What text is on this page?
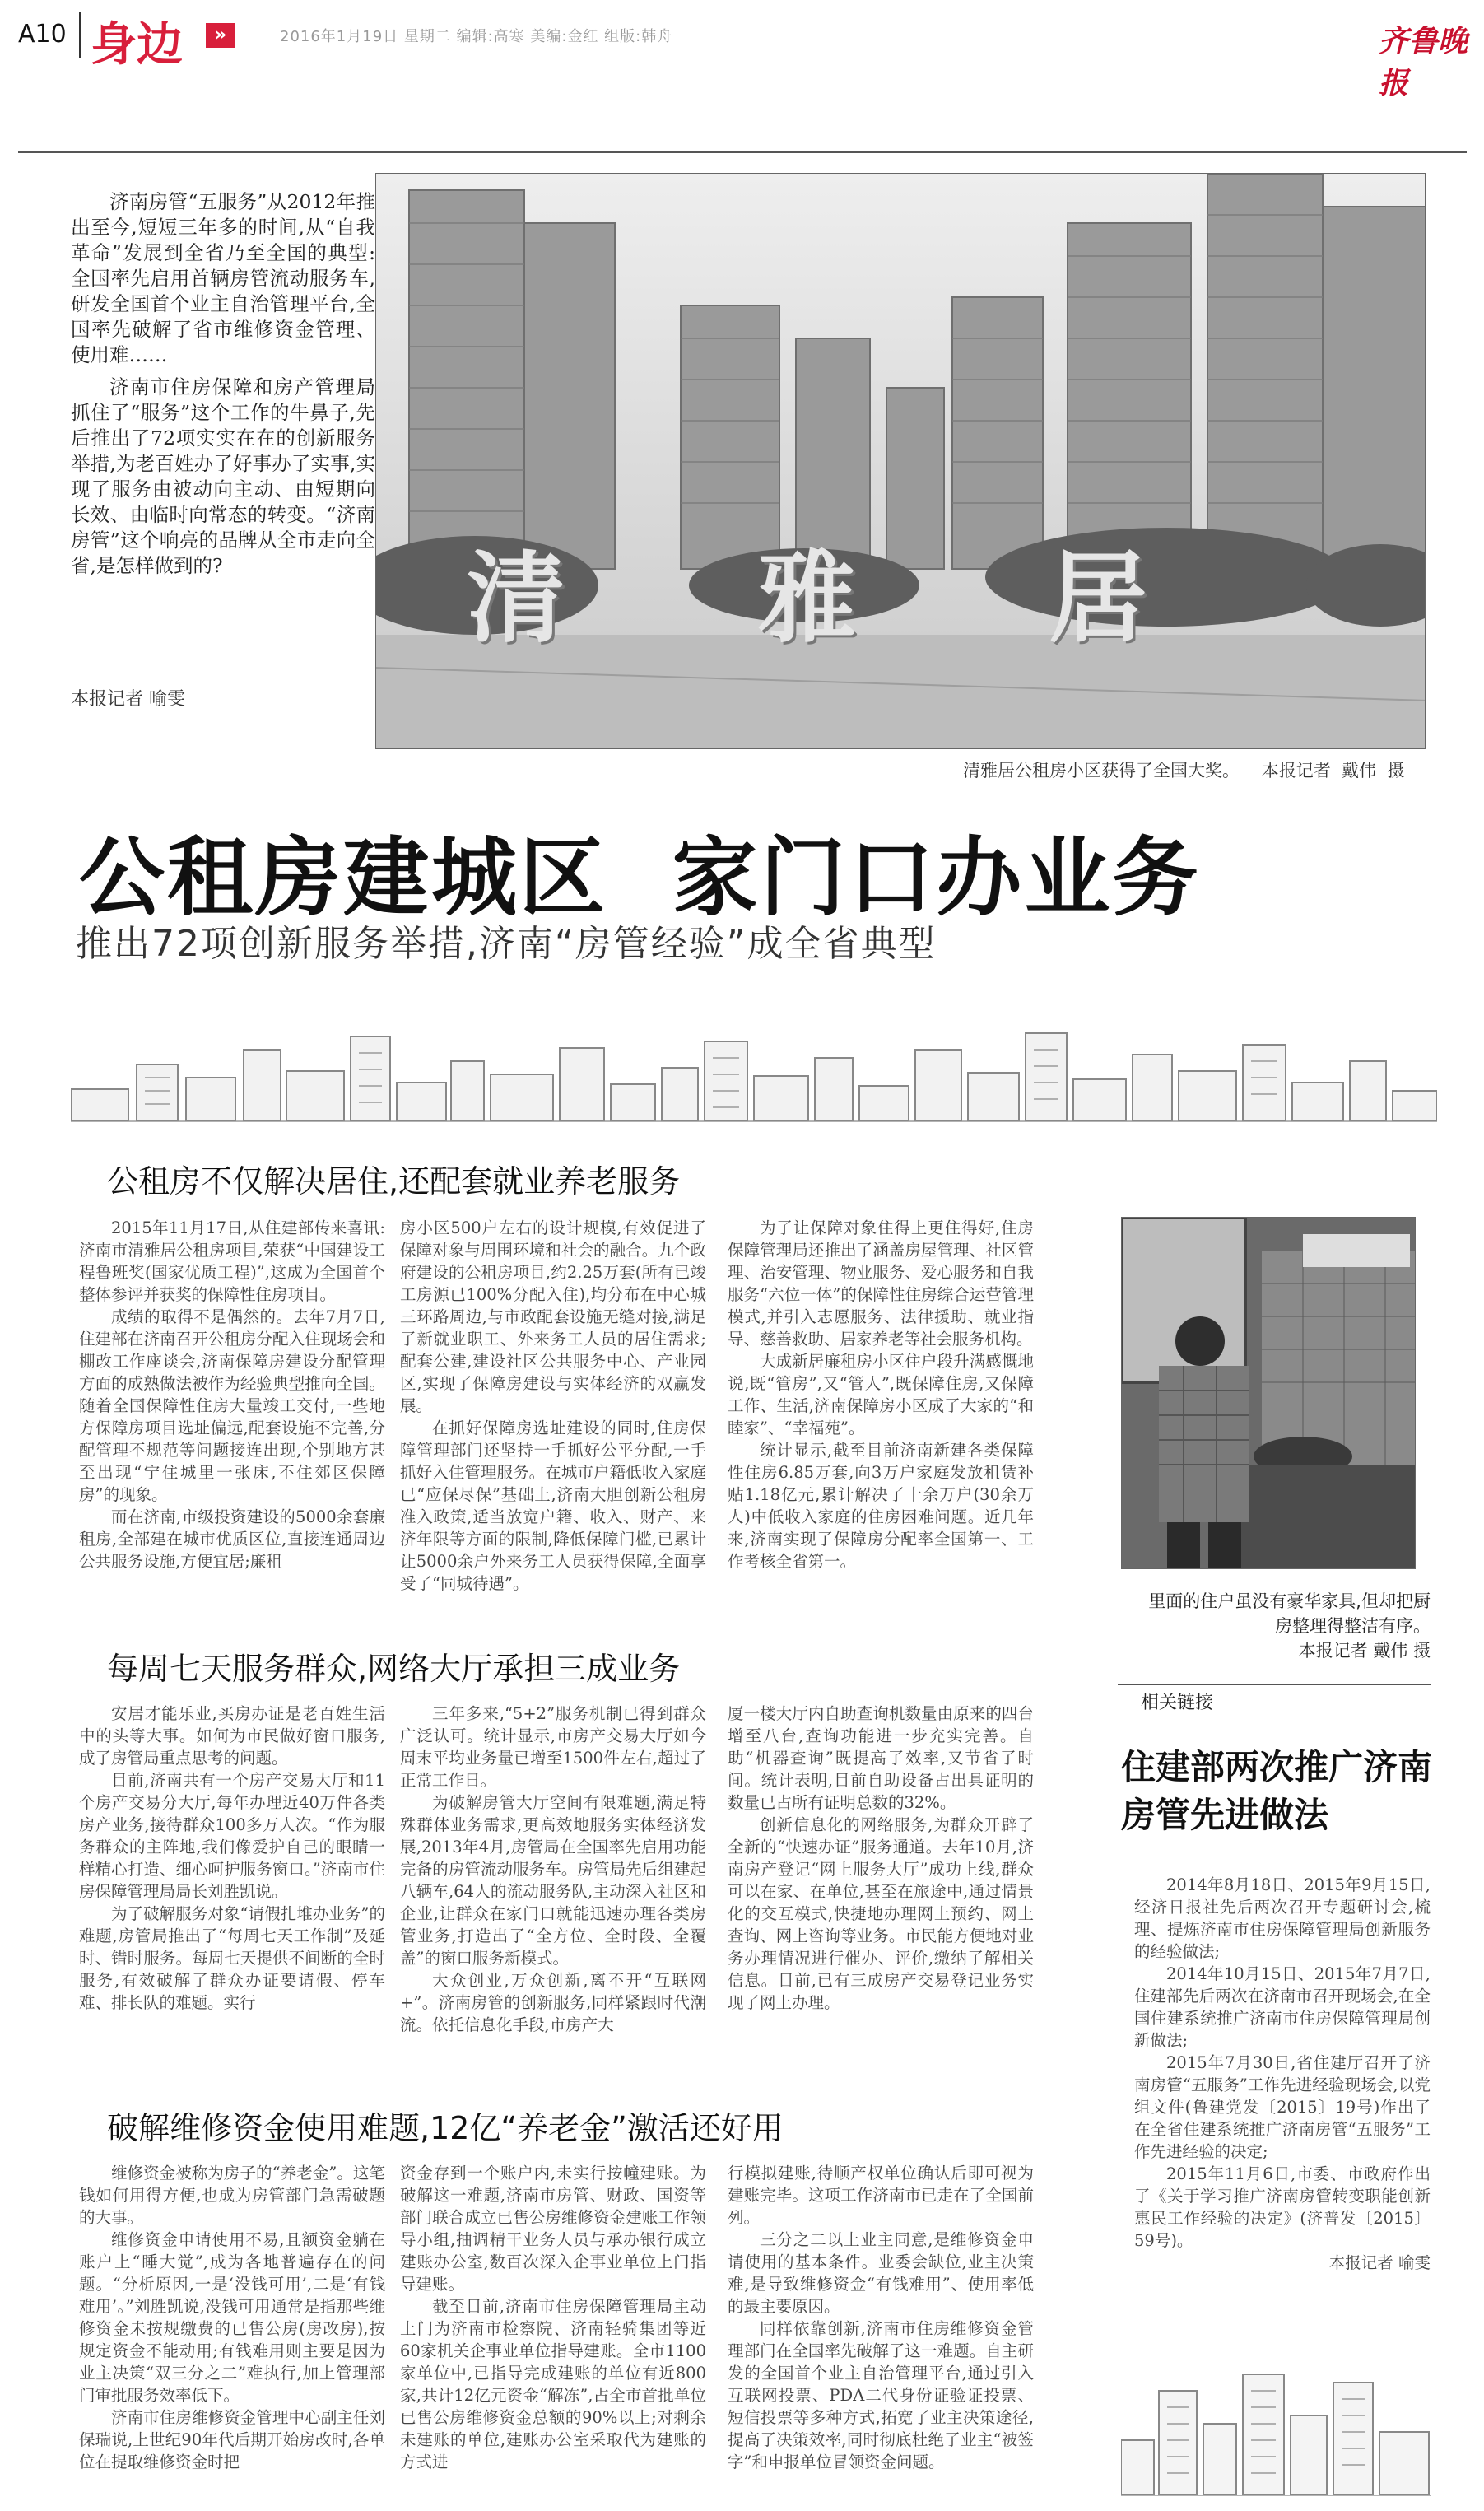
A10 身边	»	2016年1月19日 星期二 编辑:高寒 美编:金红 组版:韩舟	齐鲁晚报

济南房管“五服务”从2012年推出至今,短短三年多的时间,从“自我革命”发展到全省乃至全国的典型:全国率先启用首辆房管流动服务车,研发全国首个业主自治管理平台,全国率先破解了省市维修资金管理、使用难……

济南市住房保障和房产管理局抓住了“服务”这个工作的牛鼻子,先后推出了72项实实在在的创新服务举措,为老百姓办了好事办了实事,实现了服务由被动向主动、由短期向长效、由临时向常态的转变。“济南房管”这个响亮的品牌从全市走向全省,是怎样做到的?

本报记者 喻雯
清  雅  居
清雅居公租房小区获得了全国大奖。    本报记者  戴伟  摄
公租房建城区  家门口办业务
推出72项创新服务举措,济南“房管经验”成全省典型
公租房不仅解决居住,还配套就业养老服务

2015年11月17日,从住建部传来喜讯:济南市清雅居公租房项目,荣获“中国建设工程鲁班奖(国家优质工程)”,这成为全国首个整体参评并获奖的保障性住房项目。

成绩的取得不是偶然的。去年7月7日,住建部在济南召开公租房分配入住现场会和棚改工作座谈会,济南保障房建设分配管理方面的成熟做法被作为经验典型推向全国。随着全国保障性住房大量竣工交付,一些地方保障房项目选址偏远,配套设施不完善,分配管理不规范等问题接连出现,个别地方甚至出现“宁住城里一张床,不住郊区保障房”的现象。

而在济南,市级投资建设的5000余套廉租房,全部建在城市优质区位,直接连通周边公共服务设施,方便宜居;廉租

房小区500户左右的设计规模,有效促进了保障对象与周围环境和社会的融合。九个政府建设的公租房项目,约2.25万套(所有已竣工房源已100%分配入住),均分布在中心城三环路周边,与市政配套设施无缝对接,满足了新就业职工、外来务工人员的居住需求;配套公建,建设社区公共服务中心、产业园区,实现了保障房建设与实体经济的双赢发展。

在抓好保障房选址建设的同时,住房保障管理部门还坚持一手抓好公平分配,一手抓好入住管理服务。在城市户籍低收入家庭已“应保尽保”基础上,济南大胆创新公租房准入政策,适当放宽户籍、收入、财产、来济年限等方面的限制,降低保障门槛,已累计让5000余户外来务工人员获得保障,全面享受了“同城待遇”。

为了让保障对象住得上更住得好,住房保障管理局还推出了涵盖房屋管理、社区管理、治安管理、物业服务、爱心服务和自我服务“六位一体”的保障性住房综合运营管理模式,并引入志愿服务、法律援助、就业指导、慈善救助、居家养老等社会服务机构。

大成新居廉租房小区住户段升满感慨地说,既“管房”,又“管人”,既保障住房,又保障工作、生活,济南保障房小区成了大家的“和睦家”、“幸福苑”。

统计显示,截至目前济南新建各类保障性住房6.85万套,向3万户家庭发放租赁补贴1.18亿元,累计解决了十余万户(30余万人)中低收入家庭的住房困难问题。近几年来,济南实现了保障房分配率全国第一、工作考核全省第一。

里面的住户虽没有豪华家具,但却把厨房整理得整洁有序。
本报记者 戴伟 摄
每周七天服务群众,网络大厅承担三成业务

安居才能乐业,买房办证是老百姓生活中的头等大事。如何为市民做好窗口服务,成了房管局重点思考的问题。

目前,济南共有一个房产交易大厅和11个房产交易分大厅,每年办理近40万件各类房产业务,接待群众100多万人次。“作为服务群众的主阵地,我们像爱护自己的眼睛一样精心打造、细心呵护服务窗口。”济南市住房保障管理局局长刘胜凯说。

为了破解服务对象“请假扎堆办业务”的难题,房管局推出了“每周七天工作制”及延时、错时服务。每周七天提供不间断的全时服务,有效破解了群众办证要请假、停车难、排长队的难题。实行

三年多来,“5+2”服务机制已得到群众广泛认可。统计显示,市房产交易大厅如今周末平均业务量已增至1500件左右,超过了正常工作日。

为破解房管大厅空间有限难题,满足特殊群体业务需求,更高效地服务实体经济发展,2013年4月,房管局在全国率先启用功能完备的房管流动服务车。房管局先后组建起八辆车,64人的流动服务队,主动深入社区和企业,让群众在家门口就能迅速办理各类房管业务,打造出了“全方位、全时段、全覆盖”的窗口服务新模式。

大众创业,万众创新,离不开“互联网+”。济南房管的创新服务,同样紧跟时代潮流。依托信息化手段,市房产大

厦一楼大厅内自助查询机数量由原来的四台增至八台,查询功能进一步充实完善。自助“机器查询”既提高了效率,又节省了时间。统计表明,目前自助设备占出具证明的数量已占所有证明总数的32%。

创新信息化的网络服务,为群众开辟了全新的“快速办证”服务通道。去年10月,济南房产登记“网上服务大厅”成功上线,群众可以在家、在单位,甚至在旅途中,通过情景化的交互模式,快捷地办理网上预约、网上查询、网上咨询等业务。市民能方便地对业务办理情况进行催办、评价,缴纳了解相关信息。目前,已有三成房产交易登记业务实现了网上办理。

相关链接
住建部两次推广济南房管先进做法

2014年8月18日、2015年9月15日,经济日报社先后两次召开专题研讨会,梳理、提炼济南市住房保障管理局创新服务的经验做法;

2014年10月15日、2015年7月7日,住建部先后两次在济南市召开现场会,在全国住建系统推广济南市住房保障管理局创新做法;

2015年7月30日,省住建厅召开了济南房管“五服务”工作先进经验现场会,以党组文件(鲁建党发〔2015〕19号)作出了在全省住建系统推广济南房管“五服务”工作先进经验的决定;

2015年11月6日,市委、市政府作出了《关于学习推广济南房管转变职能创新惠民工作经验的决定》(济普发〔2015〕59号)。

本报记者 喻雯
破解维修资金使用难题,12亿“养老金”激活还好用

维修资金被称为房子的“养老金”。这笔钱如何用得方便,也成为房管部门急需破题的大事。

维修资金申请使用不易,且额资金躺在账户上“睡大觉”,成为各地普遍存在的问题。“分析原因,一是‘没钱可用’,二是‘有钱难用’。”刘胜凯说,没钱可用通常是指那些维修资金未按规缴费的已售公房(房改房),按规定资金不能动用;有钱难用则主要是因为业主决策“双三分之二”难执行,加上管理部门审批服务效率低下。

济南市住房维修资金管理中心副主任刘保瑞说,上世纪90年代后期开始房改时,各单位在提取维修资金时把

资金存到一个账户内,未实行按幢建账。为破解这一难题,济南市房管、财政、国资等部门联合成立已售公房维修资金建账工作领导小组,抽调精干业务人员与承办银行成立建账办公室,数百次深入企事业单位上门指导建账。

截至目前,济南市住房保障管理局主动上门为济南市检察院、济南轻骑集团等近60家机关企事业单位指导建账。全市1100家单位中,已指导完成建账的单位有近800家,共计12亿元资金“解冻”,占全市首批单位已售公房维修资金总额的90%以上;对剩余未建账的单位,建账办公室采取代为建账的方式进

行模拟建账,待顺产权单位确认后即可视为建账完毕。这项工作济南市已走在了全国前列。

三分之二以上业主同意,是维修资金申请使用的基本条件。业委会缺位,业主决策难,是导致维修资金“有钱难用”、使用率低的最主要原因。

同样依靠创新,济南市住房维修资金管理部门在全国率先破解了这一难题。自主研发的全国首个业主自治管理平台,通过引入互联网投票、PDA二代身份证验证投票、短信投票等多种方式,拓宽了业主决策途径,提高了决策效率,同时彻底杜绝了业主“被签字”和申报单位冒领资金问题。
